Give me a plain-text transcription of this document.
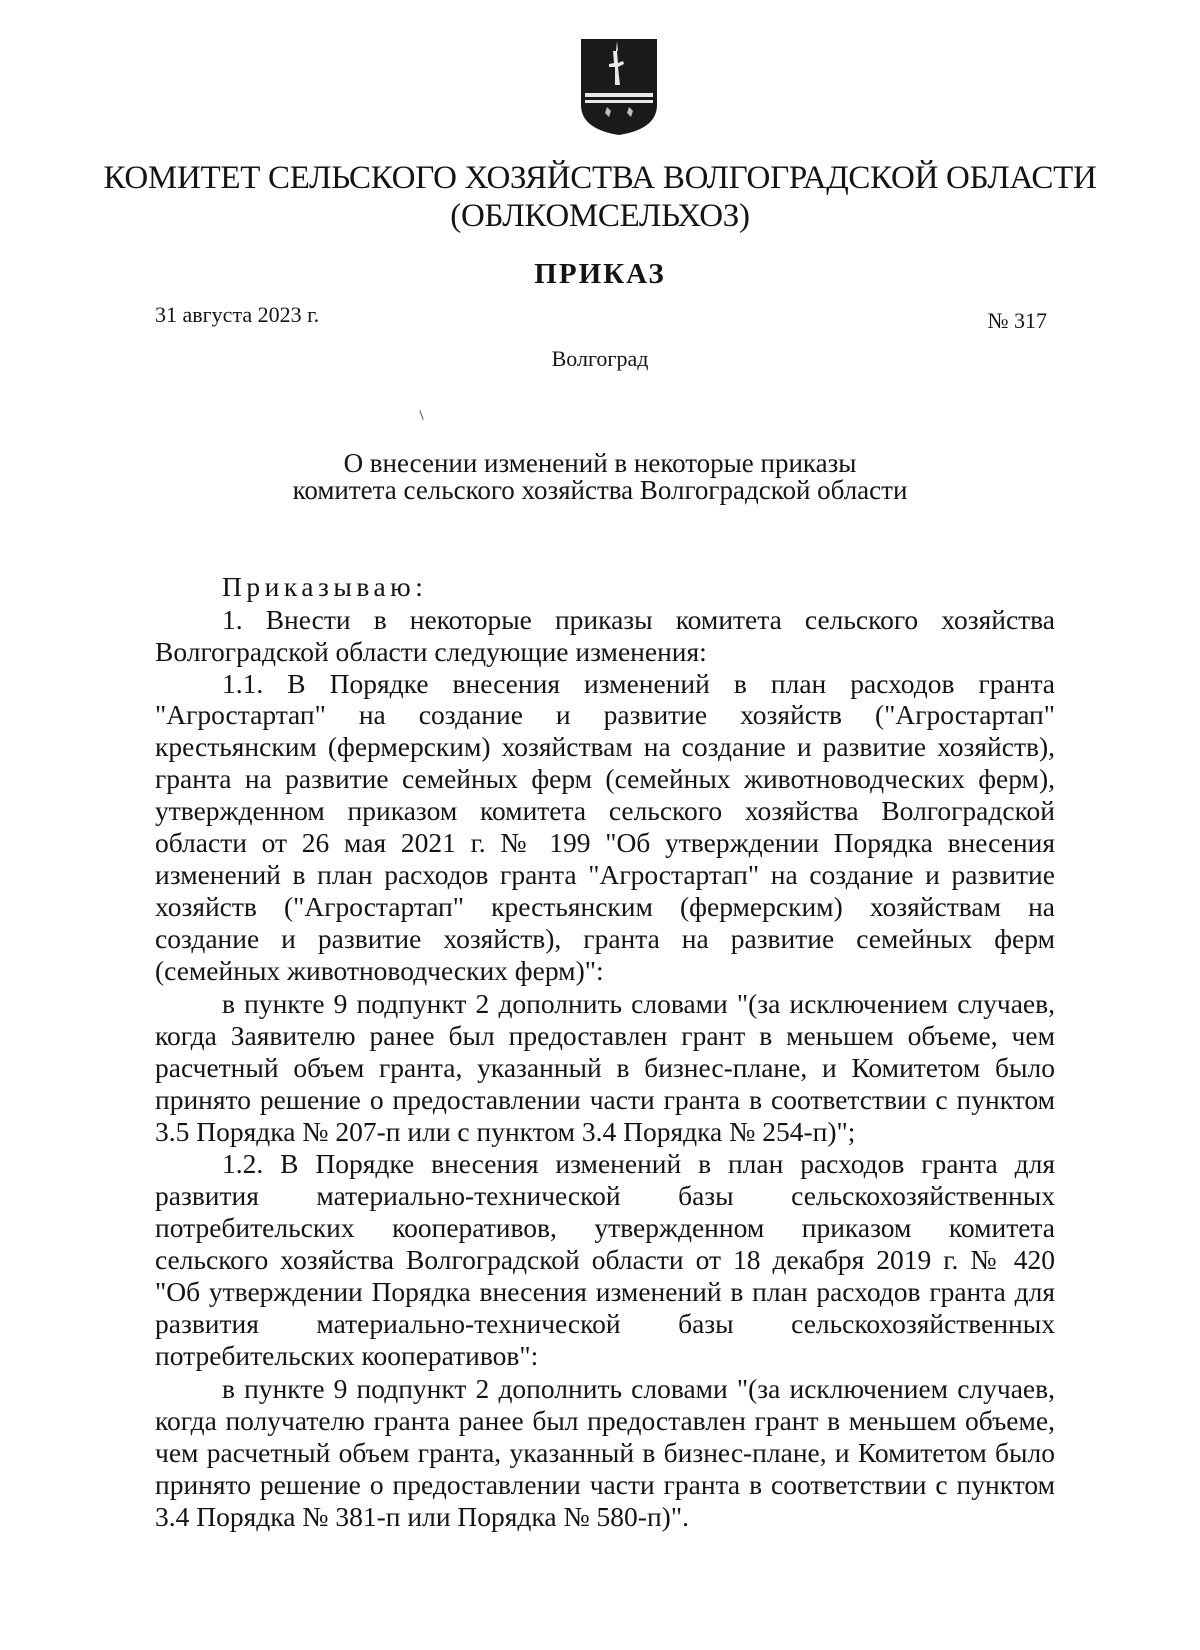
КОМИТЕТ СЕЛЬСКОГО ХОЗЯЙСТВА ВОЛГОГРАДСКОЙ ОБЛАСТИ
(ОБЛКОМСЕЛЬХОЗ)
ПРИКАЗ
31 августа 2023 г.	№ 317
Волгоград
О внесении изменений в некоторые приказы
комитета сельского хозяйства Волгоградской области
Приказываю:
1. Внести в некоторые приказы комитета сельского хозяйства
Волгоградской области следующие изменения:
1.1. В Порядке внесения изменений в план расходов гранта
"Агростартап" на создание и развитие хозяйств ("Агростартап"
крестьянским (фермерским) хозяйствам на создание и развитие хозяйств),
гранта на развитие семейных ферм (семейных животноводческих ферм),
утвержденном приказом комитета сельского хозяйства Волгоградской
области от 26 мая 2021 г. № 199 "Об утверждении Порядка внесения
изменений в план расходов гранта "Агростартап" на создание и развитие
хозяйств ("Агростартап" крестьянским (фермерским) хозяйствам на
создание и развитие хозяйств), гранта на развитие семейных ферм
(семейных животноводческих ферм)":
в пункте 9 подпункт 2 дополнить словами "(за исключением случаев,
когда Заявителю ранее был предоставлен грант в меньшем объеме, чем
расчетный объем гранта, указанный в бизнес-плане, и Комитетом было
принято решение о предоставлении части гранта в соответствии с пунктом
3.5 Порядка № 207-п или с пунктом 3.4 Порядка № 254-п)";
1.2. В Порядке внесения изменений в план расходов гранта для
развития материально-технической базы сельскохозяйственных
потребительских кооперативов, утвержденном приказом комитета
сельского хозяйства Волгоградской области от 18 декабря 2019 г. № 420
"Об утверждении Порядка внесения изменений в план расходов гранта для
развития материально-технической базы сельскохозяйственных
потребительских кооперативов":
в пункте 9 подпункт 2 дополнить словами "(за исключением случаев,
когда получателю гранта ранее был предоставлен грант в меньшем объеме,
чем расчетный объем гранта, указанный в бизнес-плане, и Комитетом было
принято решение о предоставлении части гранта в соответствии с пунктом
3.4 Порядка № 381-п или Порядка № 580-п)".
